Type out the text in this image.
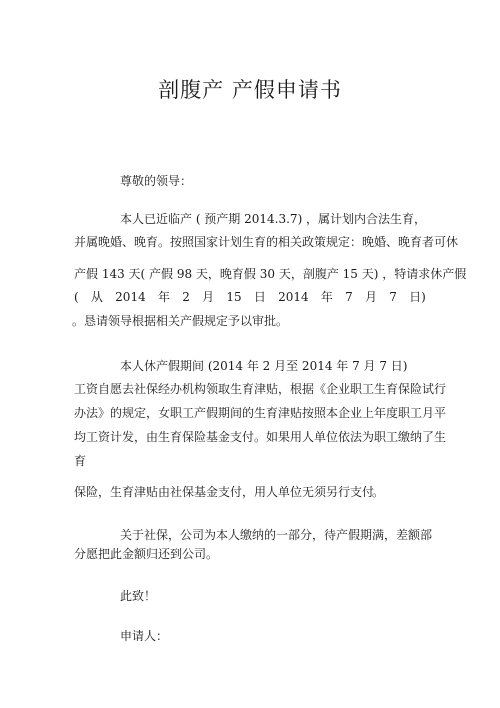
剖腹产 产假申请书
尊敬的领导：
本人已近临产 ( 预产期 2014.3.7) ，属计划内合法生育，
并属晚婚、晚育。按照国家计划生育的相关政策规定：晚婚、晚育者可休
产假 143 天( 产假 98 天，晚育假 30 天，剖腹产 15 天) ，特请求休产假
( 从 2014 年 2 月 15 日 2014 年 7 月 7 日)
。恳请领导根据相关产假规定予以审批。
本人休产假期间 (2014 年 2 月至 2014 年 7 月 7 日)
工资自愿去社保经办机构领取生育津贴，根据《企业职工生育保险试行
办法》的规定，女职工产假期间的生育津贴按照本企业上年度职工月平
均工资计发，由生育保险基金支付。如果用人单位依法为职工缴纳了生
育
保险，生育津贴由社保基金支付，用人单位无须另行支付
。
关于社保，公司为本人缴纳的一部分，待产假期满，差额部
分愿把此金额归还到公司。
此致！
申请人：
